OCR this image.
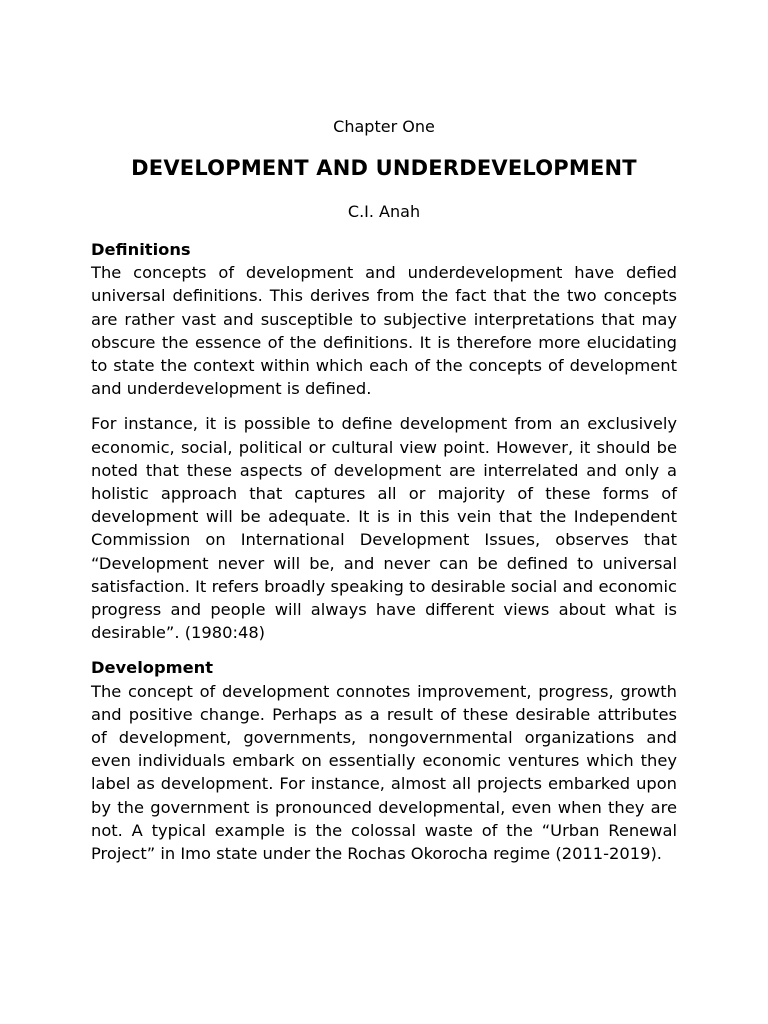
Chapter One
DEVELOPMENT AND UNDERDEVELOPMENT
C.I. Anah

Definitions

The concepts of development and underdevelopment have defied universal definitions. This derives from the fact that the two concepts are rather vast and susceptible to subjective interpretations that may obscure the essence of the definitions. It is therefore more elucidating to state the context within which each of the concepts of development and underdevelopment is defined.

For instance, it is possible to define development from an exclusively economic, social, political or cultural view point. However, it should be noted that these aspects of development are interrelated and only a holistic approach that captures all or majority of these forms of development will be adequate. It is in this vein that the Independent Commission on International Development Issues, observes that “Development never will be, and never can be defined to universal satisfaction. It refers broadly speaking to desirable social and economic progress and people will always have different views about what is desirable”. (1980:48)

Development

The concept of development connotes improvement, progress, growth and positive change. Perhaps as a result of these desirable attributes of development, governments, nongovernmental organizations and even individuals embark on essentially economic ventures which they label as development. For instance, almost all projects embarked upon by the government is pronounced developmental, even when they are not. A typical example is the colossal waste of the “Urban Renewal Project” in Imo state under the Rochas Okorocha regime (2011-2019).
